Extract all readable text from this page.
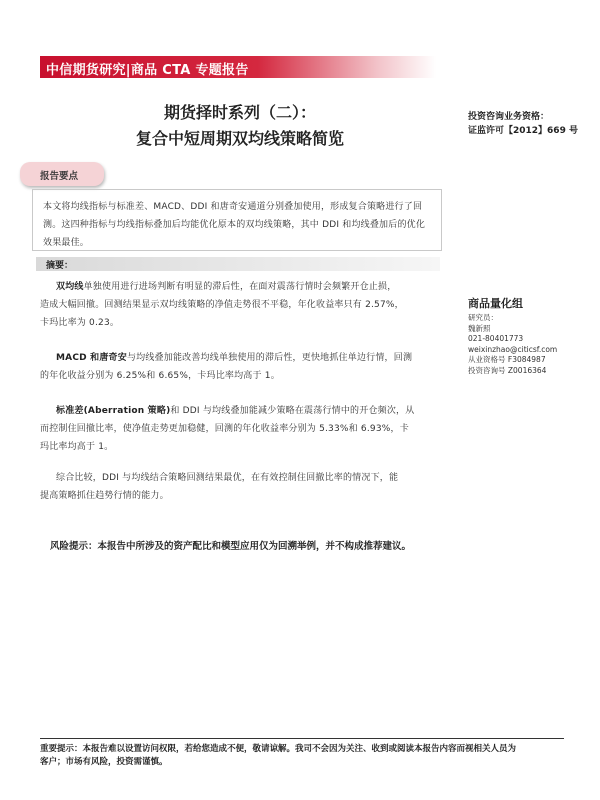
中信期货研究|商品 CTA 专题报告
期货择时系列（二）：
复合中短周期双均线策略简览
投资咨询业务资格：
证监许可【2012】669 号
报告要点
本文将均线指标与标准差、MACD、DDI 和唐奇安通道分别叠加使用，形成复合策略进行了回测。这四种指标与均线指标叠加后均能优化原本的双均线策略，其中 DDI 和均线叠加后的优化效果最佳。
摘要：
双均线单独使用进行进场判断有明显的滞后性，在面对震荡行情时会频繁开仓止损，
造成大幅回撤。回测结果显示双均线策略的净值走势很不平稳，年化收益率只有 2.57%，
卡玛比率为 0.23。
MACD 和唐奇安与均线叠加能改善均线单独使用的滞后性，更快地抓住单边行情，回测
的年化收益分别为 6.25%和 6.65%，卡玛比率均高于 1。
标准差(Aberration 策略)和 DDI 与均线叠加能减少策略在震荡行情中的开仓频次，从
而控制住回撤比率，使净值走势更加稳健，回测的年化收益率分别为 5.33%和 6.93%，卡
玛比率均高于 1。
综合比较，DDI 与均线结合策略回测结果最优，在有效控制住回撤比率的情况下，能
提高策略抓住趋势行情的能力。
风险提示：本报告中所涉及的资产配比和模型应用仅为回溯举例，并不构成推荐建议。
商品量化组
研究员：
魏新照
021-80401773
weixinzhao@citicsf.com
从业资格号 F3084987
投资咨询号 Z0016364
重要提示：本报告难以设置访问权限，若给您造成不便，敬请谅解。我司不会因为关注、收到或阅读本报告内容而视相关人员为
客户；市场有风险，投资需谨慎。
